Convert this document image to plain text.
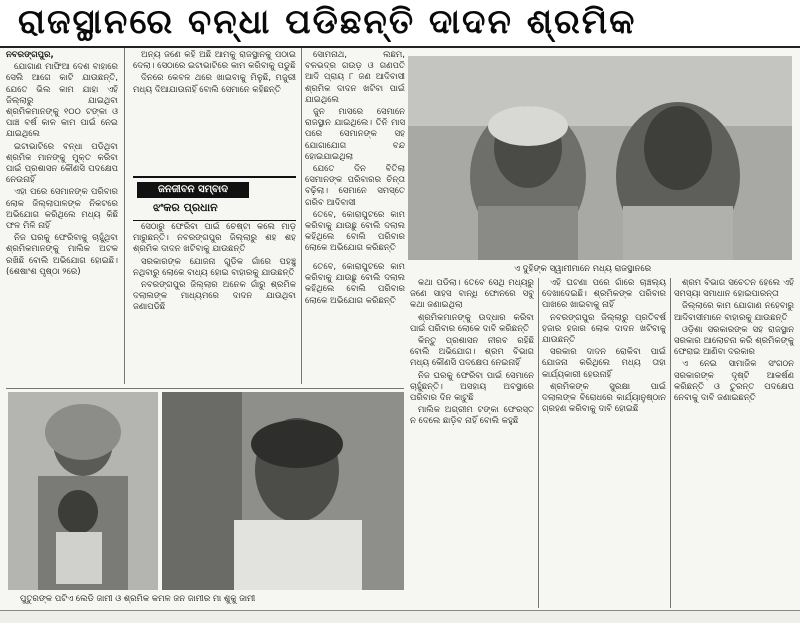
ରାଜସ୍ଥାନରେ ବନ୍ଧା ପଡିଛନ୍ତି ଦାଦନ ଶ୍ରମିକ

ନବରଙ୍ଗପୁର,

ଯୋଗାଣ ମାଫିଆ ଦେଶ ବାହାରେ ସେଲି ଆଗେ କାଟି ଯାଉଛନ୍ତି, ଯେତେ ଭିଲ କାମ ଯାହା ଏହି ଜିଲ୍ଲାରୁ ଯାଇଥିବା ଶ୍ରମିକମାନଙ୍କୁ ୧୦୦ ଟଙ୍କା ଓ ପାଞ୍ଚ ବର୍ଷ କାଳ କାମ ପାଇଁ ନେଇ ଯାଇଥିଲେ

ଇଟାଭାଟିରେ ବନ୍ଧା ପଡିଥିବା ଶ୍ରମିକ ମାନଙ୍କୁ ମୁକ୍ତ କରିବା ପାଇଁ ପ୍ରଶାସନ କୌଣସି ପଦକ୍ଷେପ ନେଉନାହିଁ

ଏହା ପରେ ସେମାନଙ୍କ ପରିବାର ଲୋକ ଜିଲ୍ଲାପାଳଙ୍କ ନିକଟରେ ଅଭିଯୋଗ କରିଥିଲେ ମଧ୍ୟ କିଛି ଫଳ ମିଳି ନାହିଁ

ନିଜ ଘରକୁ ଫେରିବାକୁ ଚାହୁଁଥିବା ଶ୍ରମିକମାନଙ୍କୁ ମାଲିକ ଅଟକ ରଖିଛି ବୋଲି ଅଭିଯୋଗ ହୋଇଛି। (ଶେଷାଂଶ ପୃଷ୍ଠା ୨ରେ)

ଅନ୍ୟ ଜଣେ କହି ଅଛି ଆମକୁ ରାଜସ୍ଥାନକୁ ପଠାଇ ଦେଲା। ସେଠାରେ ଇଟାଭାଟିରେ କାମ କରିବାକୁ ପଡୁଛି

ଦିନରେ କେବଳ ଥରେ ଖାଇବାକୁ ମିଳୁଛି, ମଜୁରୀ ମଧ୍ୟ ଦିଆଯାଉନାହିଁ ବୋଲି ସେମାନେ କହିଛନ୍ତି

ଜନଜୀବନ ସମ୍ବାଦ
ଝଂକର ପ୍ରଧାନ

ସେଠାରୁ ଫେରିବା ପାଇଁ ଚେଷ୍ଟା କଲେ ମାଡ଼ ମାରୁଛନ୍ତି। ନବରଙ୍ଗପୁର ଜିଲ୍ଲାରୁ ଶହ ଶହ ଶ୍ରମିକ ଦାଦନ ଖଟିବାକୁ ଯାଉଛନ୍ତି

ସରକାରଙ୍କ ଯୋଜନା ଗୁଡିକ ଗାଁରେ ପହଞ୍ଚୁ ନଥିବାରୁ ଲୋକେ ବାଧ୍ୟ ହୋଇ ବାହାରକୁ ଯାଉଛନ୍ତି

ନବରଙ୍ଗପୁର ଜିଲ୍ଲାର ଅନେକ ଗାଁରୁ ଶ୍ରମିକ ଦଲାଲଙ୍କ ମାଧ୍ୟମରେ ଦାଦନ ଯାଉଥିବା ଜଣାପଡିଛି

ସୋମନାଥ, ଲଛମ, ବଳଭଦ୍ର ଗଉଡ଼ ଓ ଗଣପତି ଆଦି ପ୍ରାୟ ୮ ଜଣ ଆଦିବାସୀ ଶ୍ରମିକ ଦାଦନ ଖଟିବା ପାଇଁ ଯାଇଥିଲେ

ଜୁନ ମାସରେ ସେମାନେ ରାଜସ୍ଥାନ ଯାଇଥିଲେ। ତିନି ମାସ ପରେ ସେମାନଙ୍କ ସହ ଯୋଗାଯୋଗ ବନ୍ଦ ହୋଇଯାଇଥିଲା

ଯେତେ ଦିନ ବିତିଲା ସେମାନଙ୍କ ପରିବାରର ଚିନ୍ତା ବଢ଼ିଲା। ସେମାନେ ସମସ୍ତେ ଗରିବ ଆଦିବାସୀ

ତେବେ, କୋରାପୁଟରେ କାମ କରିବାକୁ ଯାଉଛୁ ବୋଲି ଦଲାଲ କହିଥିଲେ ବୋଲି ପରିବାର ଲୋକେ ଅଭିଯୋଗ କରିଛନ୍ତି

ତେବେ, କୋରାପୁଟରେ କାମ କରିବାକୁ ଯାଉଛୁ ବୋଲି ଦଲାଲ କହିଥିଲେ ବୋଲି ପରିବାର ଲୋକେ ଅଭିଯୋଗ କରିଛନ୍ତି

ଏ ଦୁହିଙ୍କ ସ୍ୱାମୀମାନେ ମଧ୍ୟ ରାଜସ୍ଥାନରେ

କଥା ପଡିଲା। ତେବେ ସେଥି ମଧ୍ୟରୁ ଜଣେ ସାହସ ବାନ୍ଧି ଫୋନରେ ସବୁ କଥା ଜଣାଇଥିଲା

ଶ୍ରମିକମାନଙ୍କୁ ଉଦ୍ଧାର କରିବା ପାଇଁ ପରିବାର ଲୋକେ ଦାବି କରିଛନ୍ତି

କିନ୍ତୁ ପ୍ରଶାସନ ନୀରବ ରହିଛି ବୋଲି ଅଭିଯୋଗ। ଶ୍ରମ ବିଭାଗ ମଧ୍ୟ କୌଣସି ପଦକ୍ଷେପ ନେଇନାହିଁ

ନିଜ ଘରକୁ ଫେରିବା ପାଇଁ ସେମାନେ ଚାହୁଁଛନ୍ତି। ଅସହାୟ ଅବସ୍ଥାରେ ପରିବାର ଦିନ କାଟୁଛି

ମାଲିକ ଅଗ୍ରୀମ ଟଙ୍କା ଫେରସ୍ତ ନ ଦେଲେ ଛାଡ଼ିବ ନାହିଁ ବୋଲି କହୁଛି

ଏହି ଘଟଣା ପରେ ଗାଁରେ ଚାଞ୍ଚଲ୍ୟ ଦେଖାଦେଇଛି। ଶ୍ରମିକଙ୍କ ପରିବାର ପାଖରେ ଖାଇବାକୁ ନାହିଁ

ନବରଙ୍ଗପୁର ଜିଲ୍ଲାରୁ ପ୍ରତିବର୍ଷ ହଜାର ହଜାର ଲୋକ ଦାଦନ ଖଟିବାକୁ ଯାଉଛନ୍ତି

ସରକାର ଦାଦନ ରୋକିବା ପାଇଁ ଯୋଜନା କରିଥିଲେ ମଧ୍ୟ ତାହା କାର୍ଯ୍ୟକାରୀ ହେଉନାହିଁ

ଶ୍ରମିକଙ୍କ ସୁରକ୍ଷା ପାଇଁ ଦଲାଲଙ୍କ ବିରୋଧରେ କାର୍ଯ୍ୟାନୁଷ୍ଠାନ ଗ୍ରହଣ କରିବାକୁ ଦାବି ହୋଇଛି

ଶ୍ରମ ବିଭାଗ ସଚେତନ ହେଲେ ଏହି ସମସ୍ୟା ସମାଧାନ ହୋଇପାରନ୍ତା

ଜିଲ୍ଲାରେ କାମ ଯୋଗାଣ ନହେବାରୁ ଆଦିବାସୀମାନେ ବାହାରକୁ ଯାଉଛନ୍ତି

ଓଡ଼ିଶା ସରକାରଙ୍କ ସହ ରାଜସ୍ଥାନ ସରକାର ଆଲୋଚନା କରି ଶ୍ରମିକଙ୍କୁ ଫେରାଇ ଆଣିବା ଦରକାର

ଏ ନେଇ ସାମାଜିକ ସଂଗଠନ ସରକାରଙ୍କ ଦୃଷ୍ଟି ଆକର୍ଷଣ କରିଛନ୍ତି ଓ ତୁରନ୍ତ ପଦକ୍ଷେପ ନେବାକୁ ଦାବି ଜଣାଇଛନ୍ତି

ପୁତୁରଙ୍କ ପଟିଏ ଲେଡି ଜାମୀ ଓ ଶ୍ରମିକ କମଳ ଜନ ଜାମୀର ମା ଶୁକୁ ଜାମୀ
